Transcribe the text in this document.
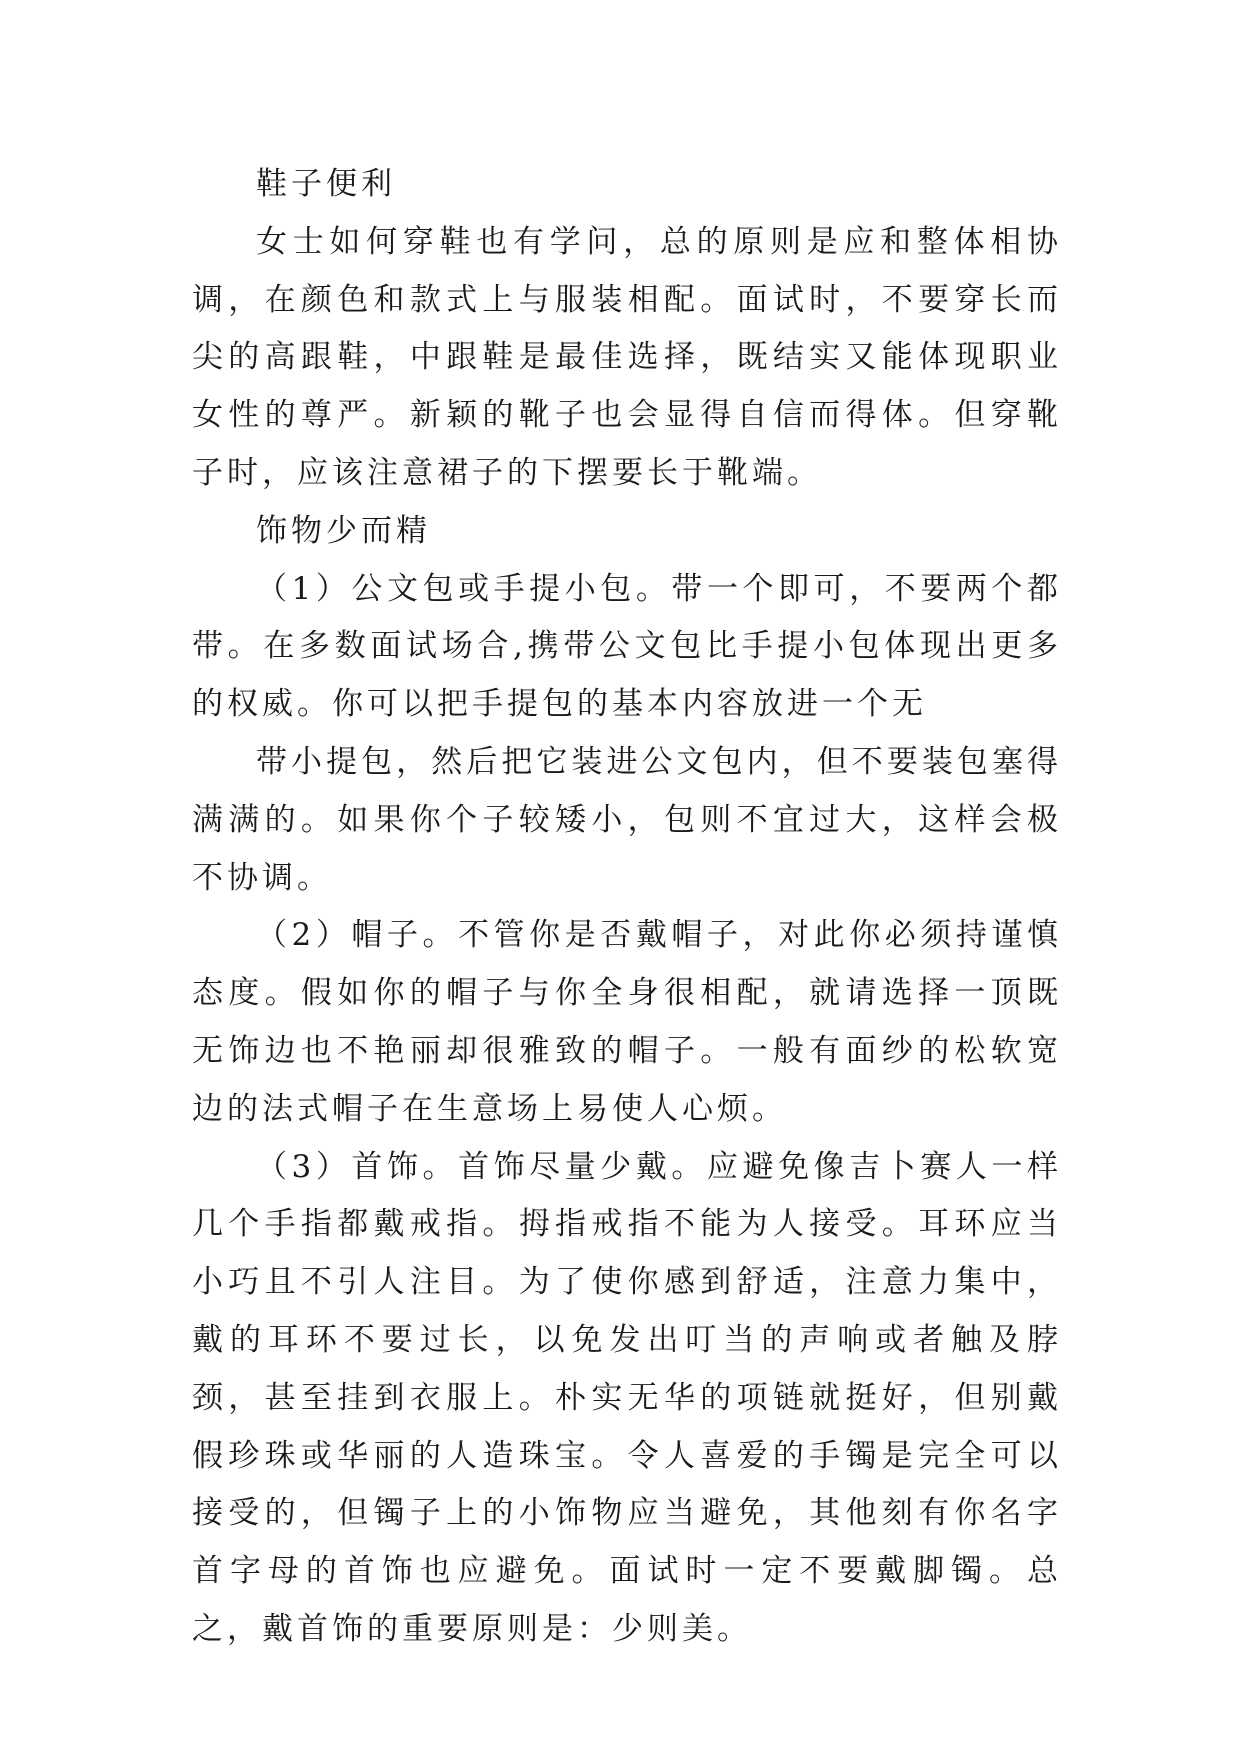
鞋子便利

女士如何穿鞋也有学问，总的原则是应和整体相协调，在颜色和款式上与服装相配。面试时，不要穿长而尖的高跟鞋，中跟鞋是最佳选择，既结实又能体现职业女性的尊严。新颖的靴子也会显得自信而得体。但穿靴子时，应该注意裙子的下摆要长于靴端。

饰物少而精

（1）公文包或手提小包。带一个即可，不要两个都带。在多数面试场合,携带公文包比手提小包体现出更多的权威。你可以把手提包的基本内容放进一个无

带小提包，然后把它装进公文包内，但不要装包塞得满满的。如果你个子较矮小，包则不宜过大，这样会极不协调。

（2）帽子。不管你是否戴帽子，对此你必须持谨慎态度。假如你的帽子与你全身很相配，就请选择一顶既无饰边也不艳丽却很雅致的帽子。一般有面纱的松软宽边的法式帽子在生意场上易使人心烦。

（3）首饰。首饰尽量少戴。应避免像吉卜赛人一样几个手指都戴戒指。拇指戒指不能为人接受。耳环应当小巧且不引人注目。为了使你感到舒适，注意力集中，戴的耳环不要过长，以免发出叮当的声响或者触及脖颈，甚至挂到衣服上。朴实无华的项链就挺好，但别戴假珍珠或华丽的人造珠宝。令人喜爱的手镯是完全可以接受的，但镯子上的小饰物应当避免，其他刻有你名字首字母的首饰也应避免。面试时一定不要戴脚镯。总之，戴首饰的重要原则是：少则美。
